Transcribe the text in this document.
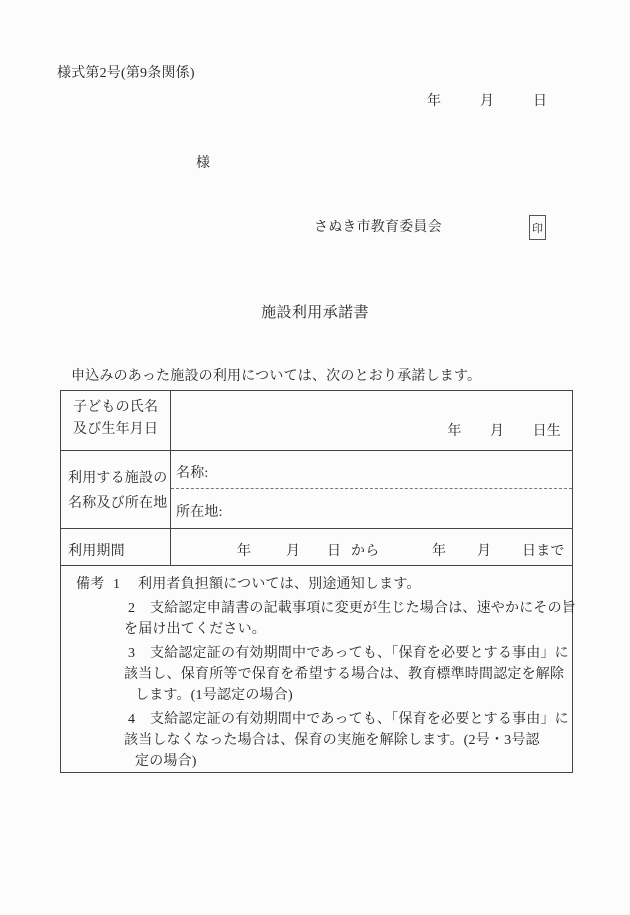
様式第2号(第9条関係)
年	月	日
様
さぬき市教育委員会	印
施設利用承諾書
申込みのあった施設の利用については、次のとおり承諾します。
子どもの氏名
及び生年月日	年　　月　　日生
利用する施設の
名称及び所在地
名称:
所在地:
利用期間	年 月 日 から	年 月 日まで
備考 1 利用者負担額については、別途通知します。
2 支給認定申請書の記載事項に変更が生じた場合は、速やかにその旨
を届け出てください。
3 支給認定証の有効期間中であっても、「保育を必要とする事由」に
該当し、保育所等で保育を希望する場合は、教育標準時間認定を解除
します。(1号認定の場合)
4 支給認定証の有効期間中であっても、「保育を必要とする事由」に
該当しなくなった場合は、保育の実施を解除します。(2号・3号認
定の場合)
